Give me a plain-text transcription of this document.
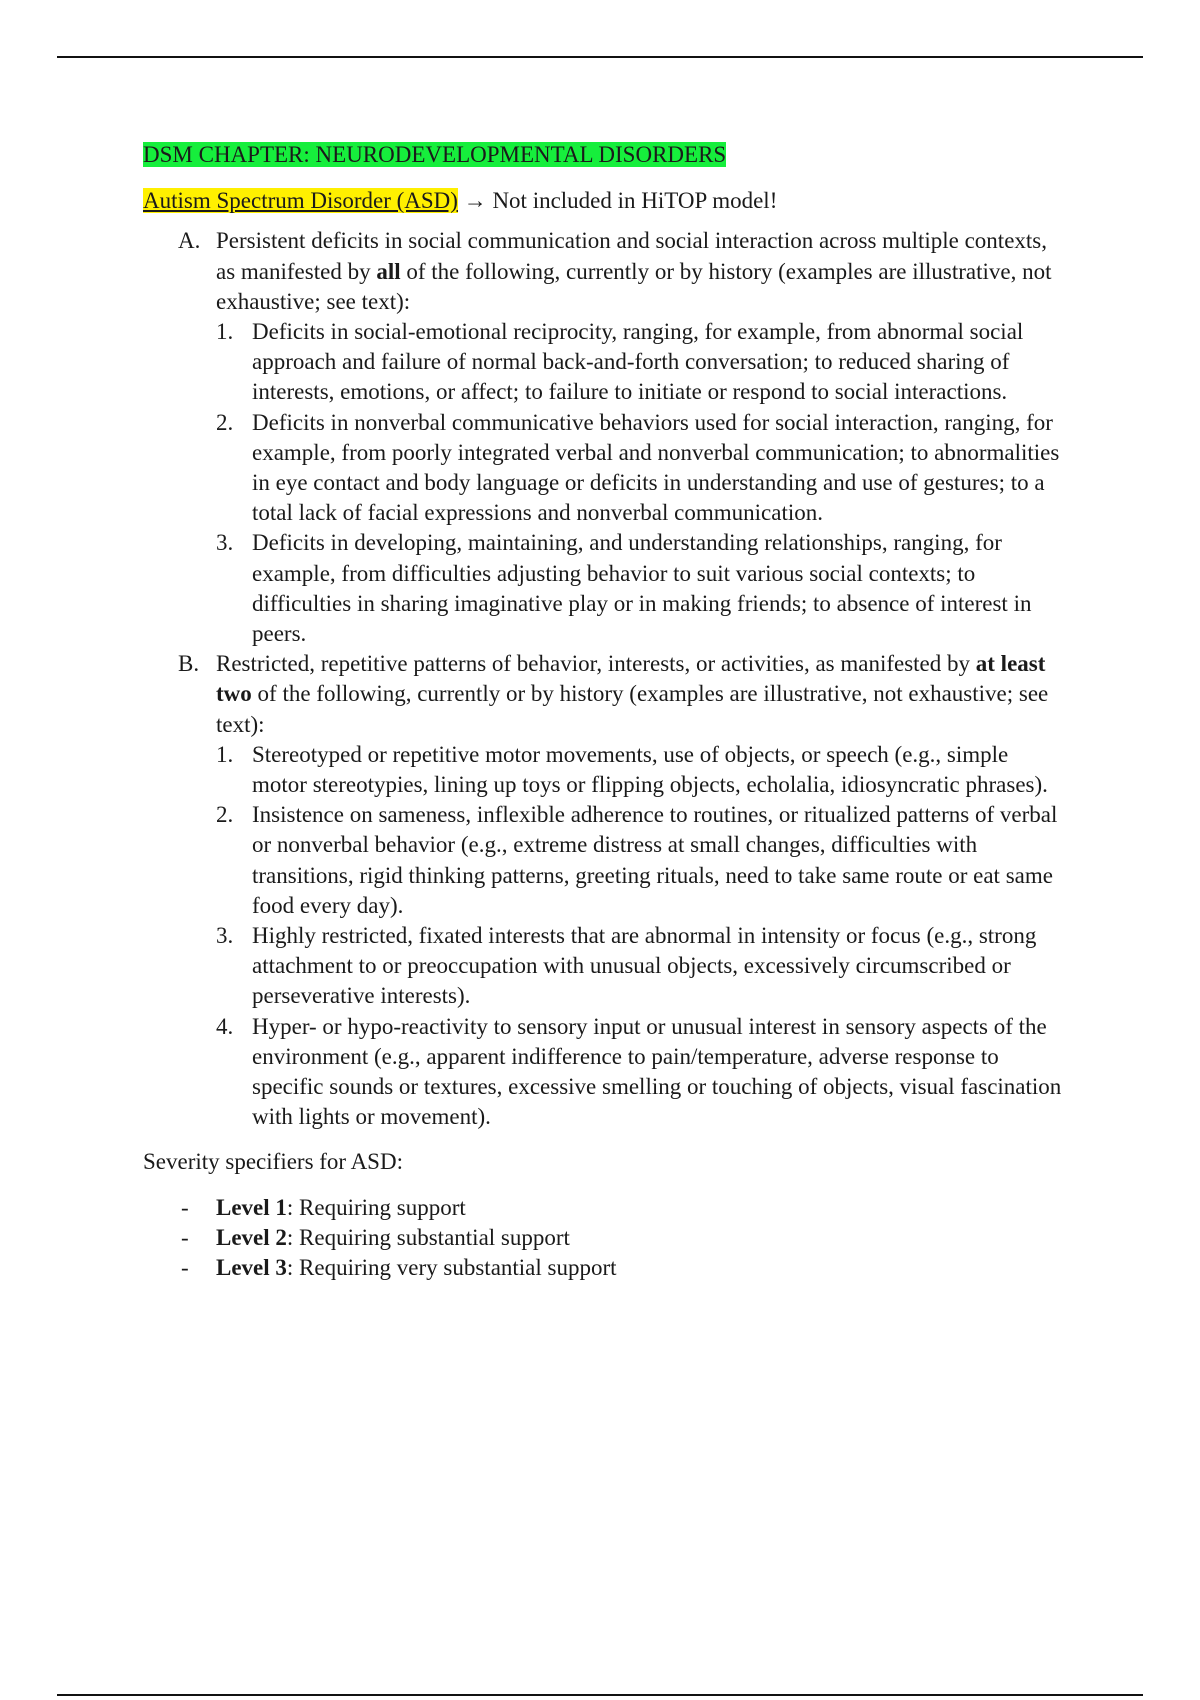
DSM CHAPTER: NEURODEVELOPMENTAL DISORDERS

Autism Spectrum Disorder (ASD) → Not included in HiTOP model!

A. Persistent deficits in social communication and social interaction across multiple contexts, as manifested by all of the following, currently or by history (examples are illustrative, not exhaustive; see text):
1. Deficits in social-emotional reciprocity, ranging, for example, from abnormal social approach and failure of normal back-and-forth conversation; to reduced sharing of interests, emotions, or affect; to failure to initiate or respond to social interactions.
2. Deficits in nonverbal communicative behaviors used for social interaction, ranging, for example, from poorly integrated verbal and nonverbal communication; to abnormalities in eye contact and body language or deficits in understanding and use of gestures; to a total lack of facial expressions and nonverbal communication.
3. Deficits in developing, maintaining, and understanding relationships, ranging, for example, from difficulties adjusting behavior to suit various social contexts; to difficulties in sharing imaginative play or in making friends; to absence of interest in peers.
B. Restricted, repetitive patterns of behavior, interests, or activities, as manifested by at least two of the following, currently or by history (examples are illustrative, not exhaustive; see text):
1. Stereotyped or repetitive motor movements, use of objects, or speech (e.g., simple motor stereotypies, lining up toys or flipping objects, echolalia, idiosyncratic phrases).
2. Insistence on sameness, inflexible adherence to routines, or ritualized patterns of verbal or nonverbal behavior (e.g., extreme distress at small changes, difficulties with transitions, rigid thinking patterns, greeting rituals, need to take same route or eat same food every day).
3. Highly restricted, fixated interests that are abnormal in intensity or focus (e.g., strong attachment to or preoccupation with unusual objects, excessively circumscribed or perseverative interests).
4. Hyper- or hypo-reactivity to sensory input or unusual interest in sensory aspects of the environment (e.g., apparent indifference to pain/temperature, adverse response to specific sounds or textures, excessive smelling or touching of objects, visual fascination with lights or movement).

Severity specifiers for ASD:

- Level 1: Requiring support
- Level 2: Requiring substantial support
- Level 3: Requiring very substantial support
